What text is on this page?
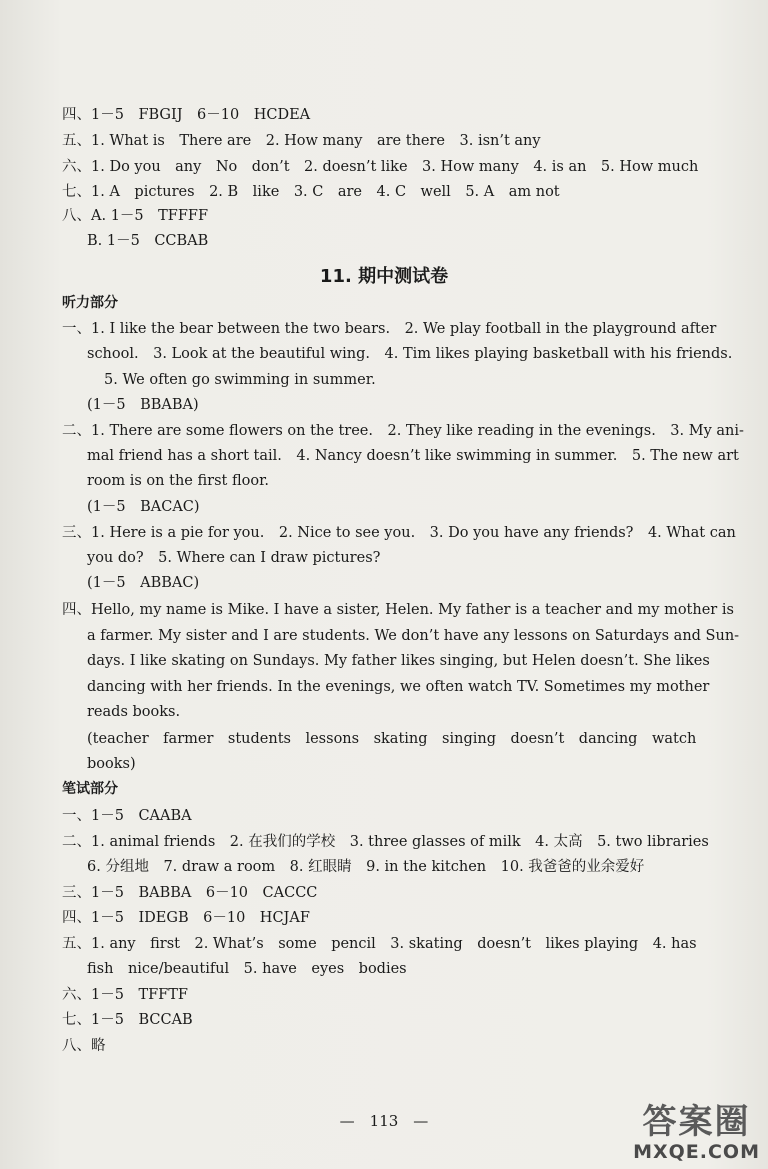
四、1－5　FBGIJ　6－10　HCDEA
五、1. What is　There are　2. How many　are there　3. isn’t any
六、1. Do you　any　No　don’t　2. doesn’t like　3. How many　4. is an　5. How much
七、1. A　pictures　2. B　like　3. C　are　4. C　well　5. A　am not
八、A. 1－5　TFFFF
B. 1－5　CCBAB
11. 期中测试卷
听力部分
一、1. I like the bear between the two bears.　2. We play football in the playground after
school.　3. Look at the beautiful wing.　4. Tim likes playing basketball with his friends.
5. We often go swimming in summer.
(1－5　BBABA)
二、1. There are some flowers on the tree.　2. They like reading in the evenings.　3. My ani-
mal friend has a short tail.　4. Nancy doesn’t like swimming in summer.　5. The new art
room is on the first floor.
(1－5　BACAC)
三、1. Here is a pie for you.　2. Nice to see you.　3. Do you have any friends?　4. What can
you do?　5. Where can I draw pictures?
(1－5　ABBAC)
四、Hello, my name is Mike. I have a sister, Helen. My father is a teacher and my mother is
a farmer. My sister and I are students. We don’t have any lessons on Saturdays and Sun-
days. I like skating on Sundays. My father likes singing, but Helen doesn’t. She likes
dancing with her friends. In the evenings, we often watch TV. Sometimes my mother
reads books.
(teacher　farmer　students　lessons　skating　singing　doesn’t　dancing　watch
books)
笔试部分
一、1－5　CAABA
二、1. animal friends　2. 在我们的学校　3. three glasses of milk　4. 太高　5. two libraries
6. 分组地　7. draw a room　8. 红眼睛　9. in the kitchen　10. 我爸爸的业余爱好
三、1－5　BABBA　6－10　CACCC
四、1－5　IDEGB　6－10　HCJAF
五、1. any　first　2. What’s　some　pencil　3. skating　doesn’t　likes playing　4. has
fish　nice/beautiful　5. have　eyes　bodies
六、1－5　TFFTF
七、1－5　BCCAB
八、略
—　113　—	答案圈
MXQE.COM
